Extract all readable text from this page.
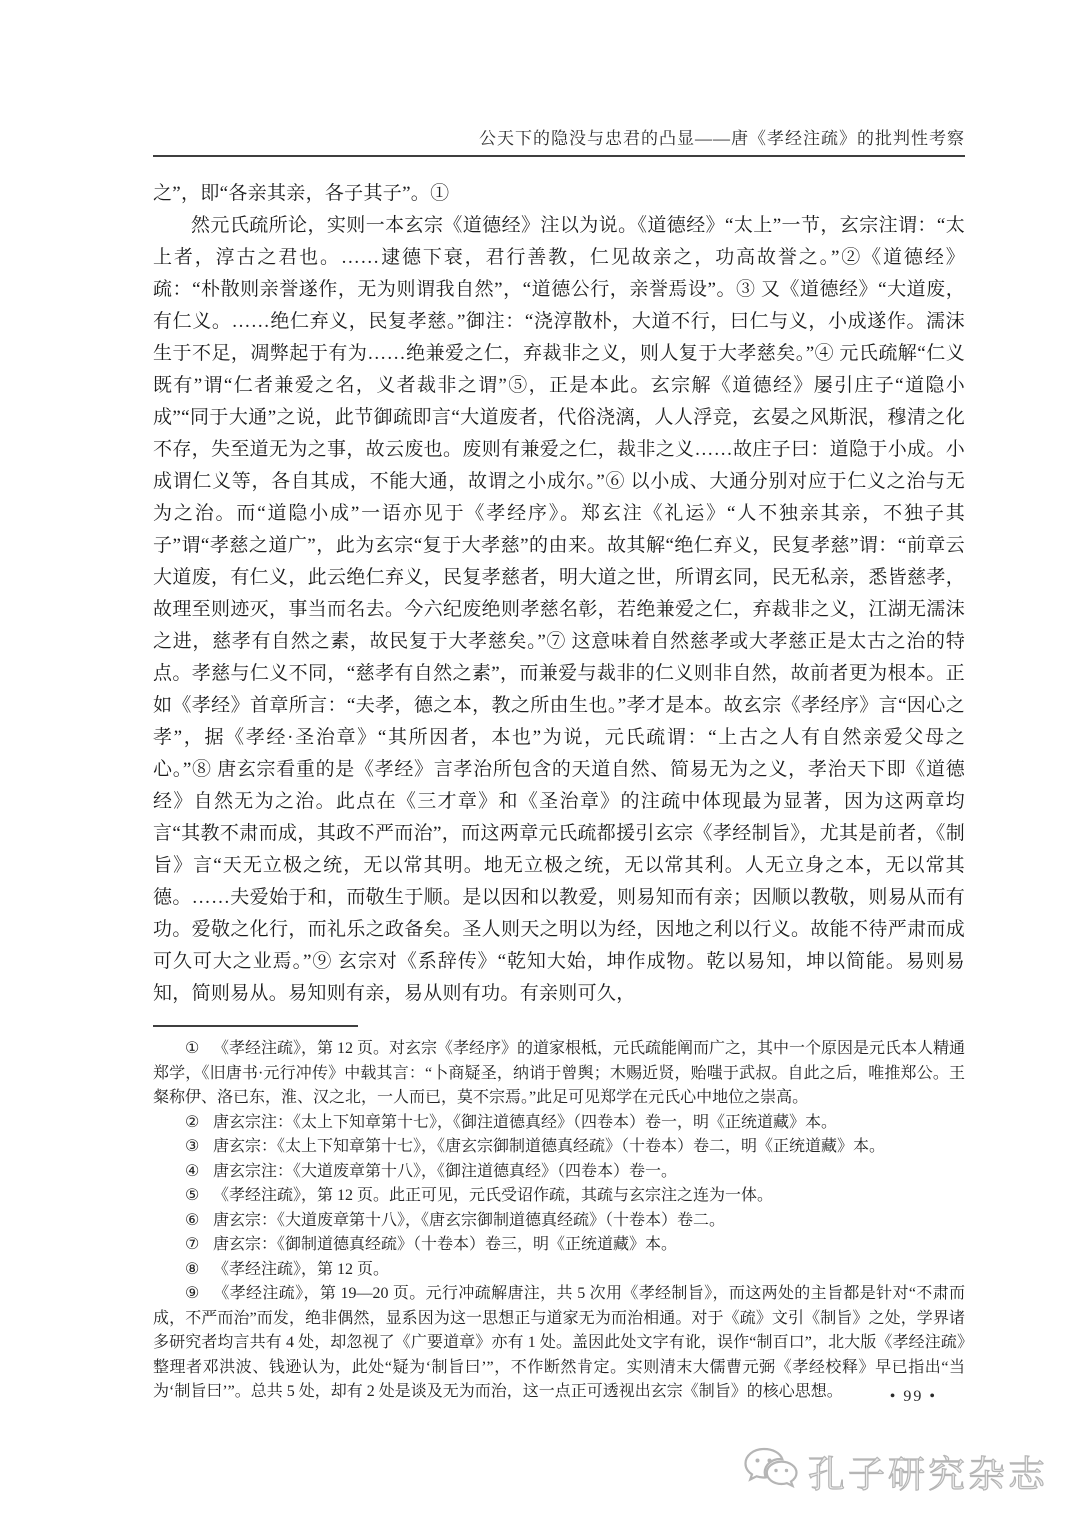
公天下的隐没与忠君的凸显——唐《孝经注疏》的批判性考察

之”，即“各亲其亲，各子其子”。①

然元氏疏所论，实则一本玄宗《道德经》注以为说。《道德经》“太上”一节，玄宗注谓：“太上者，淳古之君也。……逮德下衰，君行善教，仁见故亲之，功高故誉之。”②《道德经》疏：“朴散则亲誉遂作，无为则谓我自然”，“道德公行，亲誉焉设”。③ 又《道德经》“大道废，有仁义。……绝仁弃义，民复孝慈。”御注：“浇淳散朴，大道不行，曰仁与义，小成遂作。濡沫生于不足，凋弊起于有为……绝兼爱之仁，弃裁非之义，则人复于大孝慈矣。”④ 元氏疏解“仁义既有”谓“仁者兼爱之名，义者裁非之谓”⑤，正是本此。玄宗解《道德经》屡引庄子“道隐小成”“同于大通”之说，此节御疏即言“大道废者，代俗浇漓，人人浮竞，玄晏之风斯泯，穆清之化不存，失至道无为之事，故云废也。废则有兼爱之仁，裁非之义……故庄子曰：道隐于小成。小成谓仁义等，各自其成，不能大通，故谓之小成尔。”⑥ 以小成、大通分别对应于仁义之治与无为之治。而“道隐小成”一语亦见于《孝经序》。郑玄注《礼运》“人不独亲其亲，不独子其子”谓“孝慈之道广”，此为玄宗“复于大孝慈”的由来。故其解“绝仁弃义，民复孝慈”谓：“前章云大道废，有仁义，此云绝仁弃义，民复孝慈者，明大道之世，所谓玄同，民无私亲，悉皆慈孝，故理至则迹灭，事当而名去。今六纪废绝则孝慈名彰，若绝兼爱之仁，弃裁非之义，江湖无濡沫之进，慈孝有自然之素，故民复于大孝慈矣。”⑦ 这意味着自然慈孝或大孝慈正是太古之治的特点。孝慈与仁义不同，“慈孝有自然之素”，而兼爱与裁非的仁义则非自然，故前者更为根本。正如《孝经》首章所言：“夫孝，德之本，教之所由生也。”孝才是本。故玄宗《孝经序》言“因心之孝”，据《孝经·圣治章》“其所因者，本也”为说，元氏疏谓：“上古之人有自然亲爱父母之心。”⑧ 唐玄宗看重的是《孝经》言孝治所包含的天道自然、简易无为之义，孝治天下即《道德经》自然无为之治。此点在《三才章》和《圣治章》的注疏中体现最为显著，因为这两章均言“其教不肃而成，其政不严而治”，而这两章元氏疏都援引玄宗《孝经制旨》，尤其是前者，《制旨》言“天无立极之统，无以常其明。地无立极之统，无以常其利。人无立身之本，无以常其德。……夫爱始于和，而敬生于顺。是以因和以教爱，则易知而有亲；因顺以教敬，则易从而有功。爱敬之化行，而礼乐之政备矣。圣人则天之明以为经，因地之利以行义。故能不待严肃而成可久可大之业焉。”⑨ 玄宗对《系辞传》“乾知大始，坤作成物。乾以易知，坤以简能。易则易知，简则易从。易知则有亲，易从则有功。有亲则可久，

① 《孝经注疏》，第 12 页。对玄宗《孝经序》的道家根柢，元氏疏能阐而广之，其中一个原因是元氏本人精通郑学，《旧唐书·元行冲传》中载其言：“卜商疑圣，纳诮于曾舆；木赐近贤，贻嗤于武叔。自此之后，唯推郑公。王粲称伊、洛已东，淮、汉之北，一人而已，莫不宗焉。”此足可见郑学在元氏心中地位之崇高。

② 唐玄宗注：《太上下知章第十七》，《御注道德真经》（四卷本）卷一，明《正统道藏》本。

③ 唐玄宗：《太上下知章第十七》，《唐玄宗御制道德真经疏》（十卷本）卷二，明《正统道藏》本。

④ 唐玄宗注：《大道废章第十八》，《御注道德真经》（四卷本）卷一。

⑤ 《孝经注疏》，第 12 页。此正可见，元氏受诏作疏，其疏与玄宗注之连为一体。

⑥ 唐玄宗：《大道废章第十八》，《唐玄宗御制道德真经疏》（十卷本）卷二。

⑦ 唐玄宗：《御制道德真经疏》（十卷本）卷三，明《正统道藏》本。

⑧ 《孝经注疏》，第 12 页。

⑨ 《孝经注疏》，第 19—20 页。元行冲疏解唐注，共 5 次用《孝经制旨》，而这两处的主旨都是针对“不肃而成，不严而治”而发，绝非偶然，显系因为这一思想正与道家无为而治相通。对于《疏》文引《制旨》之处，学界诸多研究者均言共有 4 处，却忽视了《广要道章》亦有 1 处。盖因此处文字有讹，误作“制百口”，北大版《孝经注疏》整理者邓洪波、钱逊认为，此处“疑为‘制旨曰’”，不作断然肯定。实则清末大儒曹元弼《孝经校释》早已指出“当为‘制旨曰’”。总共 5 处，却有 2 处是谈及无为而治，这一点正可透视出玄宗《制旨》的核心思想。	• 99 •
孔子研究杂志
